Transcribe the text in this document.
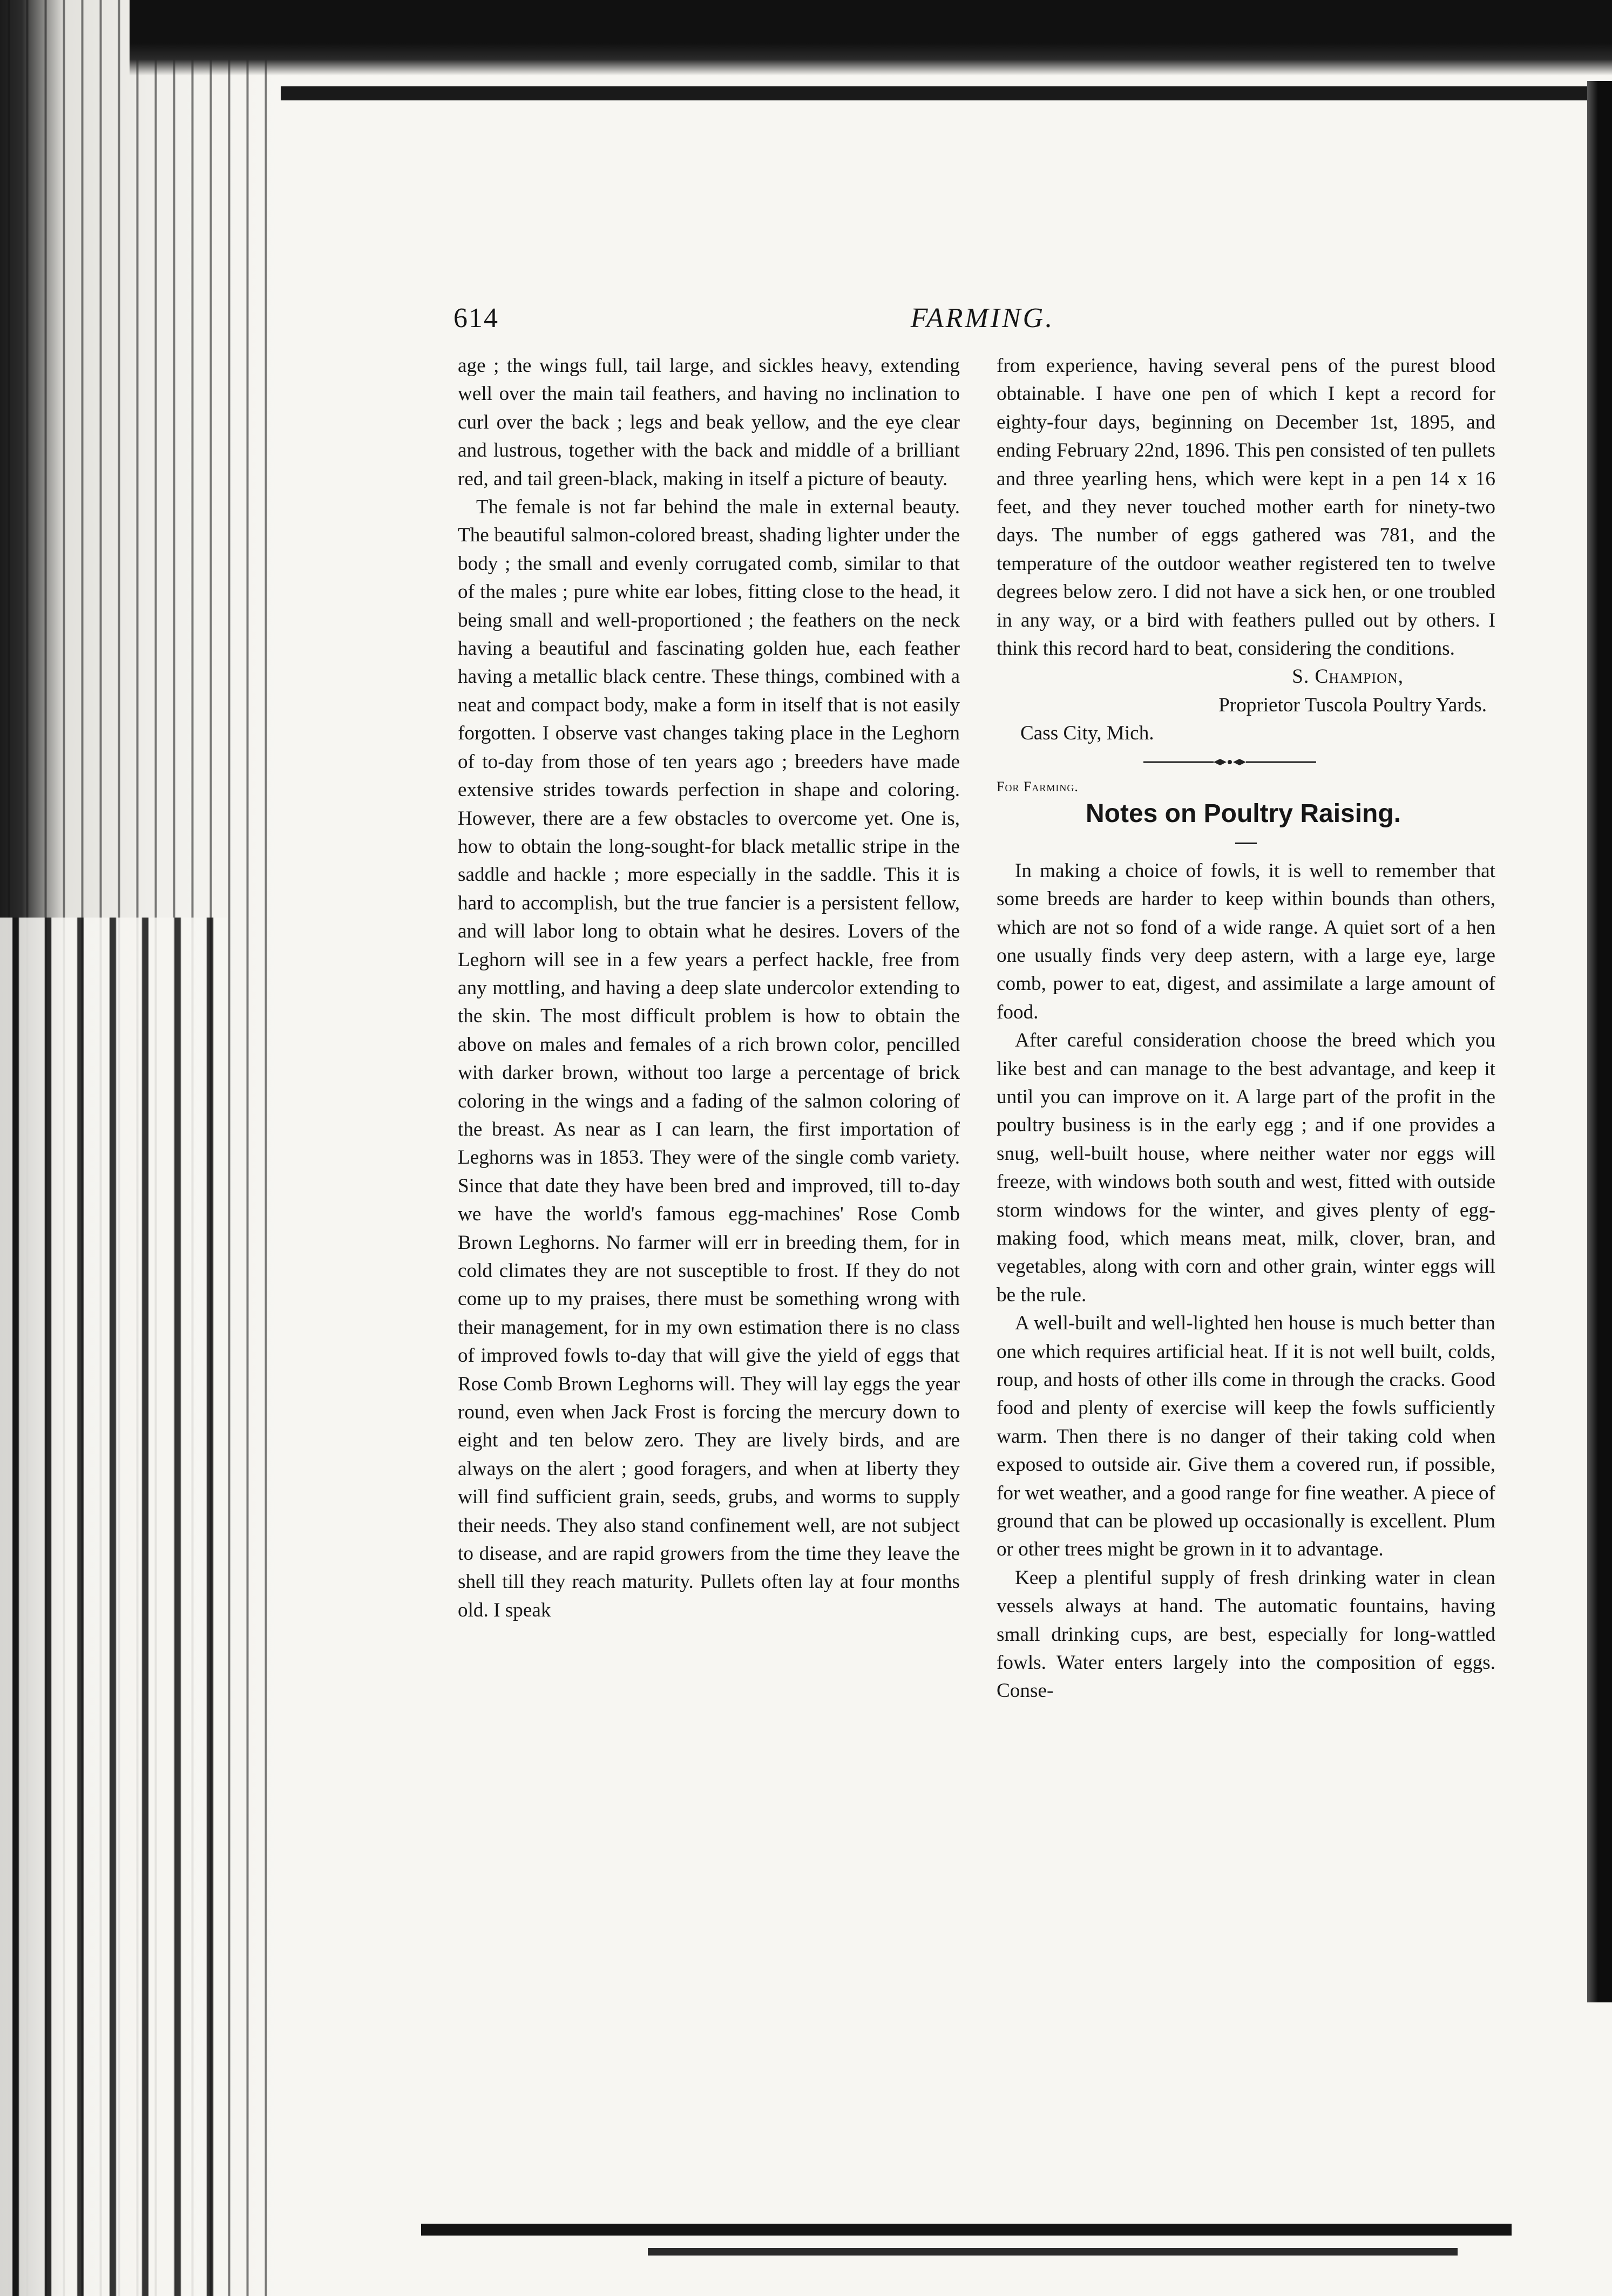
614	FARMING.

age ; the wings full, tail large, and sickles heavy, extending well over the main tail feathers, and having no inclination to curl over the back ; legs and beak yellow, and the eye clear and lustrous, together with the back and middle of a brilliant red, and tail green-black, making in itself a picture of beauty.

The female is not far behind the male in external beauty. The beautiful salmon-colored breast, shading lighter under the body ; the small and evenly corrugated comb, similar to that of the males ; pure white ear lobes, fitting close to the head, it being small and well-proportioned ; the feathers on the neck having a beautiful and fascinating golden hue, each feather having a metallic black centre. These things, combined with a neat and compact body, make a form in itself that is not easily forgotten. I observe vast changes taking place in the Leghorn of to-day from those of ten years ago ; breeders have made extensive strides towards perfection in shape and coloring. However, there are a few obstacles to overcome yet. One is, how to obtain the long-sought-for black metallic stripe in the saddle and hackle ; more especially in the saddle. This it is hard to accomplish, but the true fancier is a persistent fellow, and will labor long to obtain what he desires. Lovers of the Leghorn will see in a few years a perfect hackle, free from any mottling, and having a deep slate undercolor extending to the skin. The most difficult problem is how to obtain the above on males and females of a rich brown color, pencilled with darker brown, without too large a percentage of brick coloring in the wings and a fading of the salmon coloring of the breast. As near as I can learn, the first importation of Leghorns was in 1853. They were of the single comb variety. Since that date they have been bred and improved, till to-day we have the world's famous egg-machines' Rose Comb Brown Leghorns. No farmer will err in breeding them, for in cold climates they are not susceptible to frost. If they do not come up to my praises, there must be something wrong with their management, for in my own estimation there is no class of improved fowls to-day that will give the yield of eggs that Rose Comb Brown Leghorns will. They will lay eggs the year round, even when Jack Frost is forcing the mercury down to eight and ten below zero. They are lively birds, and are always on the alert ; good foragers, and when at liberty they will find sufficient grain, seeds, grubs, and worms to supply their needs. They also stand confinement well, are not subject to disease, and are rapid growers from the time they leave the shell till they reach maturity. Pullets often lay at four months old. I speak

from experience, having several pens of the purest blood obtainable. I have one pen of which I kept a record for eighty-four days, beginning on December 1st, 1895, and ending February 22nd, 1896. This pen consisted of ten pullets and three yearling hens, which were kept in a pen 14 x 16 feet, and they never touched mother earth for ninety-two days. The number of eggs gathered was 781, and the temperature of the outdoor weather registered ten to twelve degrees below zero. I did not have a sick hen, or one troubled in any way, or a bird with feathers pulled out by others. I think this record hard to beat, considering the conditions.

S. Champion,

Proprietor Tuscola Poultry Yards.

Cass City, Mich.

For Farming.

Notes on Poultry Raising.

In making a choice of fowls, it is well to remember that some breeds are harder to keep within bounds than others, which are not so fond of a wide range. A quiet sort of a hen one usually finds very deep astern, with a large eye, large comb, power to eat, digest, and assimilate a large amount of food.

After careful consideration choose the breed which you like best and can manage to the best advantage, and keep it until you can improve on it. A large part of the profit in the poultry business is in the early egg ; and if one provides a snug, well-built house, where neither water nor eggs will freeze, with windows both south and west, fitted with outside storm windows for the winter, and gives plenty of egg-making food, which means meat, milk, clover, bran, and vegetables, along with corn and other grain, winter eggs will be the rule.

A well-built and well-lighted hen house is much better than one which requires artificial heat. If it is not well built, colds, roup, and hosts of other ills come in through the cracks. Good food and plenty of exercise will keep the fowls sufficiently warm. Then there is no danger of their taking cold when exposed to outside air. Give them a covered run, if possible, for wet weather, and a good range for fine weather. A piece of ground that can be plowed up occasionally is excellent. Plum or other trees might be grown in it to advantage.

Keep a plentiful supply of fresh drinking water in clean vessels always at hand. The automatic fountains, having small drinking cups, are best, especially for long-wattled fowls. Water enters largely into the composition of eggs. Conse-
